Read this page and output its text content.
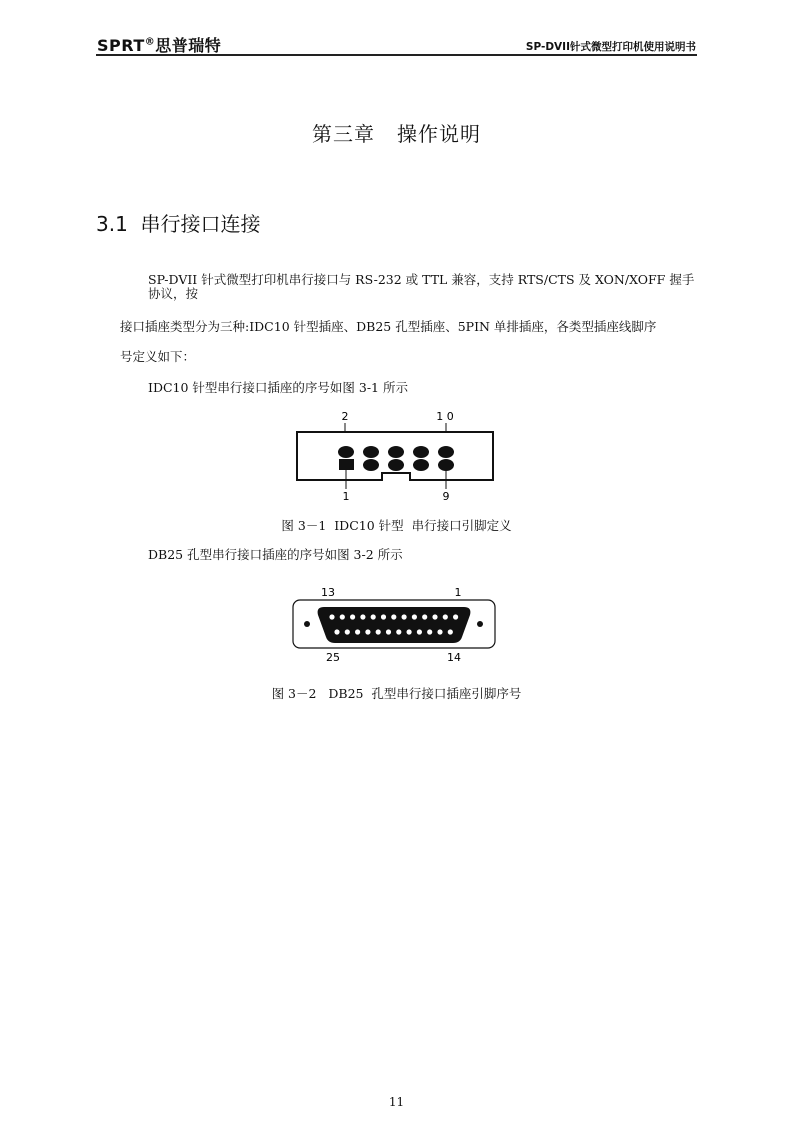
SPRT®思普瑞特	SP-DVII针式微型打印机使用说明书
第三章   操作说明
3.1  串行接口连接
SP-DVII 针式微型打印机串行接口与 RS-232 或 TTL 兼容，支持 RTS/CTS 及 XON/XOFF 握手协议，按
接口插座类型分为三种:IDC10 针型插座、DB25 孔型插座、5PIN 单排插座，各类型插座线脚序
号定义如下：
IDC10 针型串行接口插座的序号如图 3-1 所示
2	1 0
1	9
图 3－1  IDC10 针型  串行接口引脚定义
DB25 孔型串行接口插座的序号如图 3-2 所示
13	1
25	14
图 3－2   DB25  孔型串行接口插座引脚序号
11
